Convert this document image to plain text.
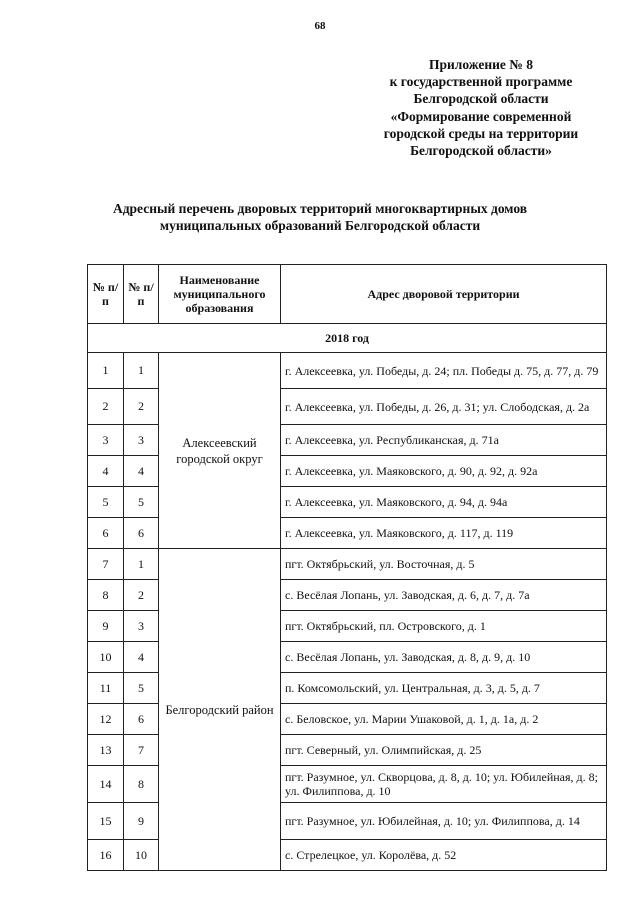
68
Приложение № 8
к государственной программе
Белгородской области
«Формирование современной
городской среды на территории
Белгородской области»
Адресный перечень дворовых территорий многоквартирных домов
муниципальных образований Белгородской области
№ п/п	№ п/п	Наименование муниципального образования	Адрес дворовой территории
2018 год			
1	1	Алексеевский городской округ	г. Алексеевка, ул. Победы, д. 24; пл. Победы д. 75, д. 77, д. 79
2	2		г. Алексеевка, ул. Победы, д. 26, д. 31; ул. Слободская, д. 2а
3	3		г. Алексеевка, ул. Республиканская, д. 71а
4	4		г. Алексеевка, ул. Маяковского, д. 90, д. 92, д. 92а
5	5		г. Алексеевка, ул. Маяковского, д. 94, д. 94а
6	6		г. Алексеевка, ул. Маяковского, д. 117, д. 119
7	1	Белгородский район	пгт. Октябрьский, ул. Восточная, д. 5
8	2		с. Весёлая Лопань, ул. Заводская, д. 6, д. 7, д. 7а
9	3		пгт. Октябрьский, пл. Островского, д. 1
10	4		с. Весёлая Лопань, ул. Заводская, д. 8, д. 9, д. 10
11	5		п. Комсомольский, ул. Центральная, д. 3, д. 5, д. 7
12	6		с. Беловское, ул. Марии Ушаковой, д. 1, д. 1а, д. 2
13	7		пгт. Северный, ул. Олимпийская, д. 25
14	8		пгт. Разумное, ул. Скворцова, д. 8, д. 10; ул. Юбилейная, д. 8; ул. Филиппова, д. 10
15	9		пгт. Разумное, ул. Юбилейная, д. 10; ул. Филиппова, д. 14
16	10		с. Стрелецкое, ул. Королёва, д. 52
